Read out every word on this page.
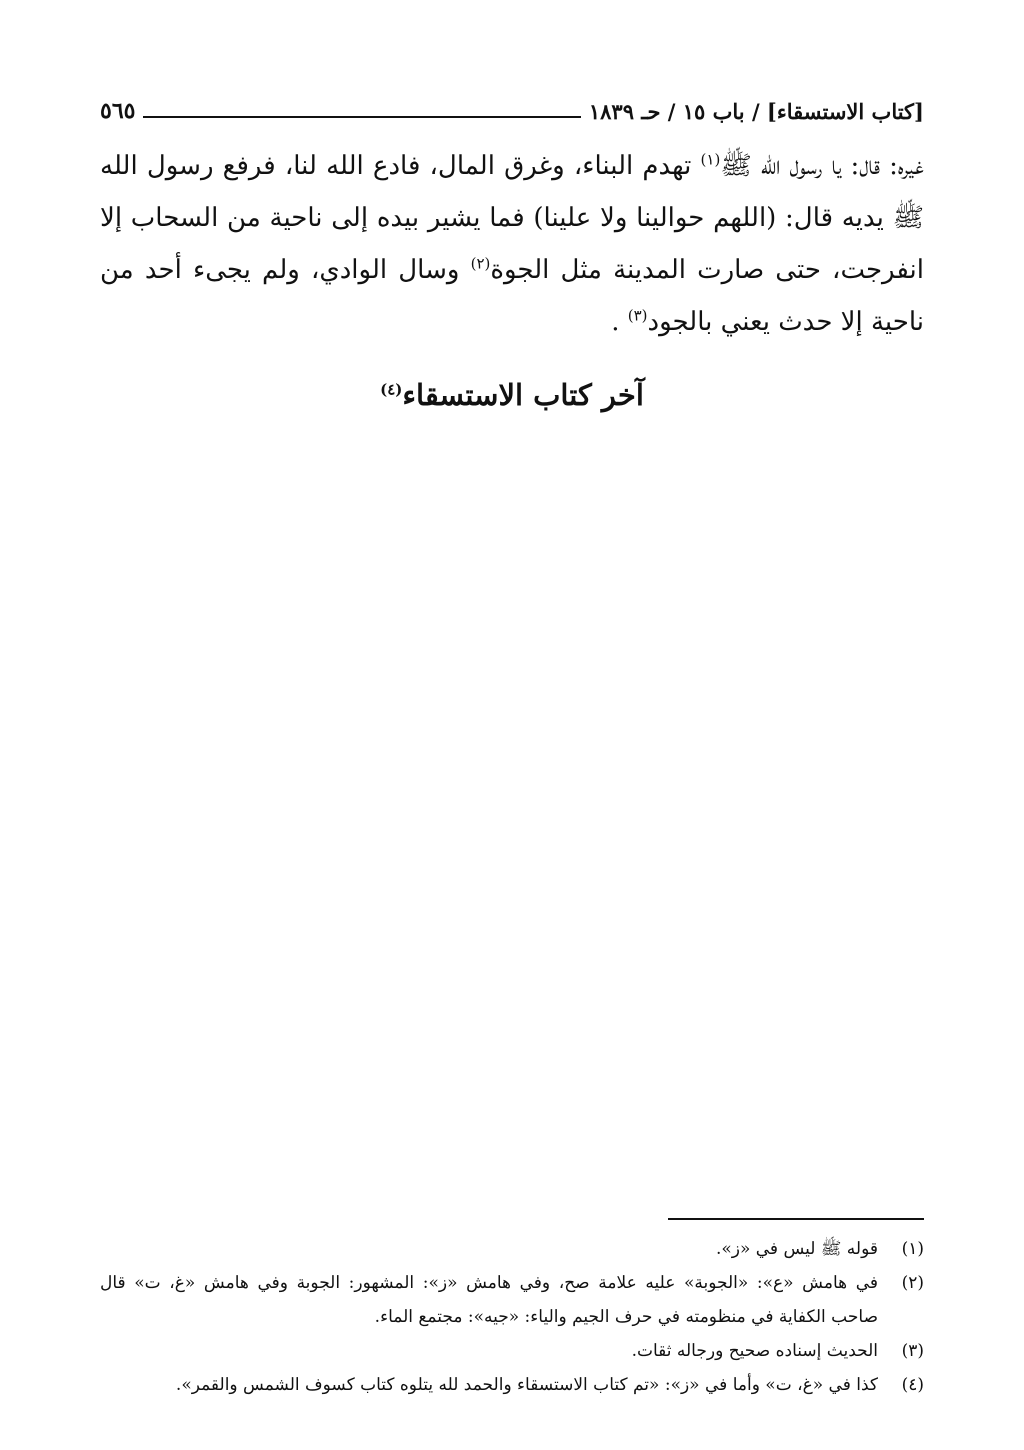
[كتاب الاستسقاء] / باب ١٥ / حـ ١٨٣٩
٥٦٥

غيره: قال: يا رسول الله ﷺ$^{(١)}$ تهدم البناء، وغرق المال، فادع الله لنا، فرفع رسول الله ﷺ يديه قال: (اللهم حوالينا ولا علينا) فما يشير بيده إلى ناحية من السحاب إلا انفرجت، حتى صارت المدينة مثل الجوة$^{(٢)}$ وسال الوادي، ولم يجىء أحد من ناحية إلا حدث يعني بالجود$^{(٣)}$ .

آخر كتاب الاستسقاء$^{(٤)}$

(١)
قوله ﷺ ليس في «ز».

(٢)
في هامش «ع»: «الجوبة» عليه علامة صح، وفي هامش «ز»: المشهور: الجوبة وفي هامش «غ، ت» قال صاحب الكفاية في منظومته في حرف الجيم والياء: «جيه»: مجتمع الماء.

(٣)
الحديث إسناده صحيح ورجاله ثقات.

(٤)
كذا في «غ، ت» وأما في «ز»: «تم كتاب الاستسقاء والحمد لله يتلوه كتاب كسوف الشمس والقمر».
